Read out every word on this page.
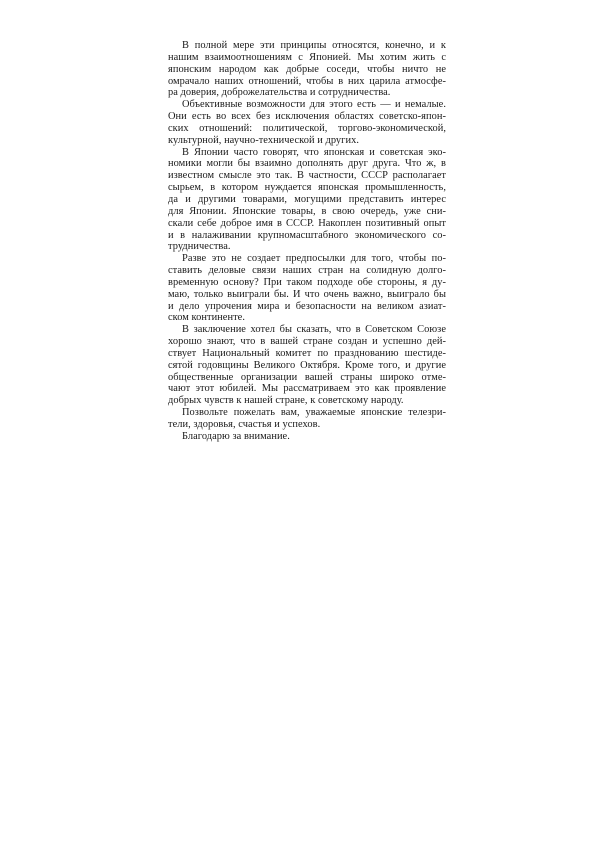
В полной мере эти принципы относятся, конечно, и к
нашим взаимоотношениям с Японией. Мы хотим жить с
японским народом как добрые соседи, чтобы ничто не
омрачало наших отношений, чтобы в них царила атмосфе-
ра доверия, доброжелательства и сотрудничества.
Объективные возможности для этого есть — и немалые.
Они есть во всех без исключения областях советско-япон-
ских отношений: политической, торгово-экономической,
культурной, научно-технической и других.
В Японии часто говорят, что японская и советская эко-
номики могли бы взаимно дополнять друг друга. Что ж, в
известном смысле это так. В частности, СССР располагает
сырьем, в котором нуждается японская промышленность,
да и другими товарами, могущими представить интерес
для Японии. Японские товары, в свою очередь, уже сни-
скали себе доброе имя в СССР. Накоплен позитивный опыт
и в налаживании крупномасштабного экономического со-
трудничества.
Разве это не создает предпосылки для того, чтобы по-
ставить деловые связи наших стран на солидную долго-
временную основу? При таком подходе обе стороны, я ду-
маю, только выиграли бы. И что очень важно, выиграло бы
и дело упрочения мира и безопасности на великом азиат-
ском континенте.
В заключение хотел бы сказать, что в Советском Союзе
хорошо знают, что в вашей стране создан и успешно дей-
ствует Национальный комитет по празднованию шестиде-
сятой годовщины Великого Октября. Кроме того, и другие
общественные организации вашей страны широко отме-
чают этот юбилей. Мы рассматриваем это как проявление
добрых чувств к нашей стране, к советскому народу.
Позвольте пожелать вам, уважаемые японские телезри-
тели, здоровья, счастья и успехов.
Благодарю за внимание.
